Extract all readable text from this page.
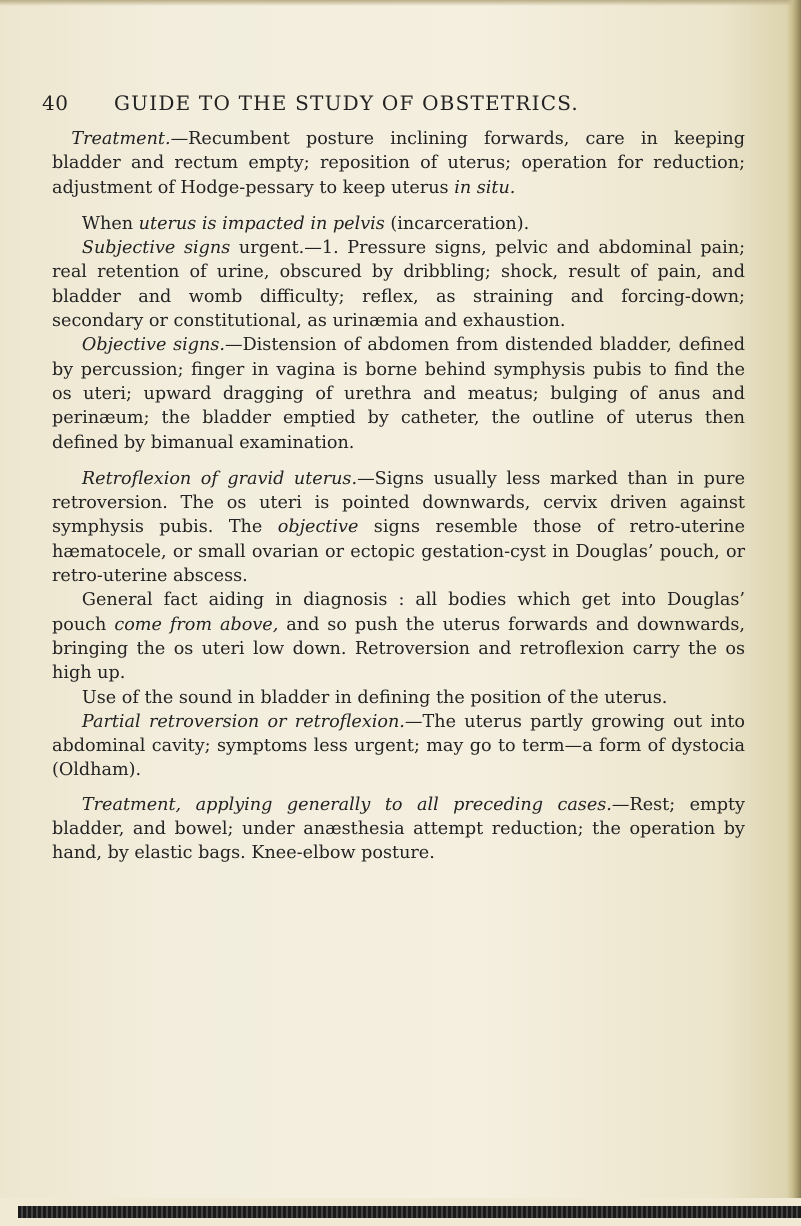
40 GUIDE TO THE STUDY OF OBSTETRICS.

Treatment.—Recumbent posture inclining forwards, care in keeping bladder and rectum empty; reposition of uterus; operation for reduction; adjustment of Hodge-pessary to keep uterus in situ.

When uterus is impacted in pelvis (incarceration).

Subjective signs urgent.—1. Pressure signs, pelvic and abdominal pain; real retention of urine, obscured by dribbling; shock, result of pain, and bladder and womb difficulty; reflex, as straining and forcing-down; secondary or constitutional, as urinæmia and exhaustion.

Objective signs.—Distension of abdomen from distended bladder, defined by percussion; finger in vagina is borne behind symphysis pubis to find the os uteri; upward dragging of urethra and meatus; bulging of anus and perinæum; the bladder emptied by catheter, the outline of uterus then defined by bimanual examination.

Retroflexion of gravid uterus.—Signs usually less marked than in pure retroversion. The os uteri is pointed downwards, cervix driven against symphysis pubis. The objective signs resemble those of retro-uterine hæmatocele, or small ovarian or ectopic gestation-cyst in Douglas’ pouch, or retro-uterine abscess.

General fact aiding in diagnosis : all bodies which get into Douglas’ pouch come from above, and so push the uterus forwards and downwards, bringing the os uteri low down. Retroversion and retroflexion carry the os high up.

Use of the sound in bladder in defining the position of the uterus.

Partial retroversion or retroflexion.—The uterus partly growing out into abdominal cavity; symptoms less urgent; may go to term—a form of dystocia (Oldham).

Treatment, applying generally to all preceding cases.—Rest; empty bladder, and bowel; under anæsthesia attempt reduction; the operation by hand, by elastic bags. Knee-elbow posture.
